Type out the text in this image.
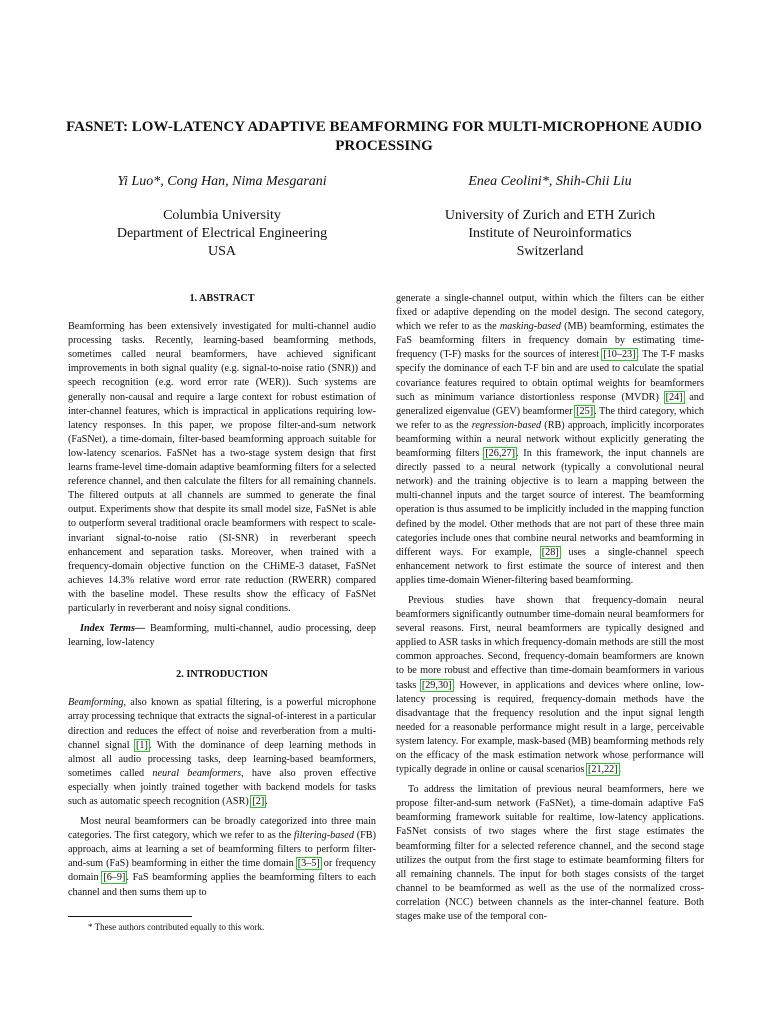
FASNET: LOW-LATENCY ADAPTIVE BEAMFORMING FOR MULTI-MICROPHONE AUDIO PROCESSING
Yi Luo*, Cong Han, Nima Mesgarani	Enea Ceolini*, Shih-Chii Liu
Columbia University
Department of Electrical Engineering
USA
University of Zurich and ETH Zurich
Institute of Neuroinformatics
Switzerland
1. ABSTRACT

Beamforming has been extensively investigated for multi-channel audio processing tasks. Recently, learning-based beamforming methods, sometimes called neural beamformers, have achieved significant improvements in both signal quality (e.g. signal-to-noise ratio (SNR)) and speech recognition (e.g. word error rate (WER)). Such systems are generally non-causal and require a large context for robust estimation of inter-channel features, which is impractical in applications requiring low-latency responses. In this paper, we propose filter-and-sum network (FaSNet), a time-domain, filter-based beamforming approach suitable for low-latency scenarios. FaSNet has a two-stage system design that first learns frame-level time-domain adaptive beamforming filters for a selected reference channel, and then calculate the filters for all remaining channels. The filtered outputs at all channels are summed to generate the final output. Experiments show that despite its small model size, FaSNet is able to outperform several traditional oracle beamformers with respect to scale-invariant signal-to-noise ratio (SI-SNR) in reverberant speech enhancement and separation tasks. Moreover, when trained with a frequency-domain objective function on the CHiME-3 dataset, FaSNet achieves 14.3% relative word error rate reduction (RWERR) compared with the baseline model. These results show the efficacy of FaSNet particularly in reverberant and noisy signal conditions.

Index Terms— Beamforming, multi-channel, audio processing, deep learning, low-latency

2. INTRODUCTION

Beamforming, also known as spatial filtering, is a powerful microphone array processing technique that extracts the signal-of-interest in a particular direction and reduces the effect of noise and reverberation from a multi-channel signal [1]. With the dominance of deep learning methods in almost all audio processing tasks, deep learning-based beamformers, sometimes called neural beamformers, have also proven effective especially when jointly trained together with backend models for tasks such as automatic speech recognition (ASR) [2].

Most neural beamformers can be broadly categorized into three main categories. The first category, which we refer to as the filtering-based (FB) approach, aims at learning a set of beamforming filters to perform filter-and-sum (FaS) beamforming in either the time domain [3–5] or frequency domain [6–9]. FaS beamforming applies the beamforming filters to each channel and then sums them up to

generate a single-channel output, within which the filters can be either fixed or adaptive depending on the model design. The second category, which we refer to as the masking-based (MB) beamforming, estimates the FaS beamforming filters in frequency domain by estimating time-frequency (T-F) masks for the sources of interest [10–23]. The T-F masks specify the dominance of each T-F bin and are used to calculate the spatial covariance features required to obtain optimal weights for beamformers such as minimum variance distortionless response (MVDR) [24] and generalized eigenvalue (GEV) beamformer [25]. The third category, which we refer to as the regression-based (RB) approach, implicitly incorporates beamforming within a neural network without explicitly generating the beamforming filters [26,27]. In this framework, the input channels are directly passed to a neural network (typically a convolutional neural network) and the training objective is to learn a mapping between the multi-channel inputs and the target source of interest. The beamforming operation is thus assumed to be implicitly included in the mapping function defined by the model. Other methods that are not part of these three main categories include ones that combine neural networks and beamforming in different ways. For example, [28] uses a single-channel speech enhancement network to first estimate the source of interest and then applies time-domain Wiener-filtering based beamforming.

Previous studies have shown that frequency-domain neural beamformers significantly outnumber time-domain neural beamformers for several reasons. First, neural beamformers are typically designed and applied to ASR tasks in which frequency-domain methods are still the most common approaches. Second, frequency-domain beamformers are known to be more robust and effective than time-domain beamformers in various tasks [29,30]. However, in applications and devices where online, low-latency processing is required, frequency-domain methods have the disadvantage that the frequency resolution and the input signal length needed for a reasonable performance might result in a large, perceivable system latency. For example, mask-based (MB) beamforming methods rely on the efficacy of the mask estimation network whose performance will typically degrade in online or causal scenarios [21,22].

To address the limitation of previous neural beamformers, here we propose filter-and-sum network (FaSNet), a time-domain adaptive FaS beamforming framework suitable for realtime, low-latency applications. FaSNet consists of two stages where the first stage estimates the beamforming filter for a selected reference channel, and the second stage utilizes the output from the first stage to estimate beamforming filters for all remaining channels. The input for both stages consists of the target channel to be beamformed as well as the use of the normalized cross-correlation (NCC) between channels as the inter-channel feature. Both stages make use of the temporal con-

* These authors contributed equally to this work.
